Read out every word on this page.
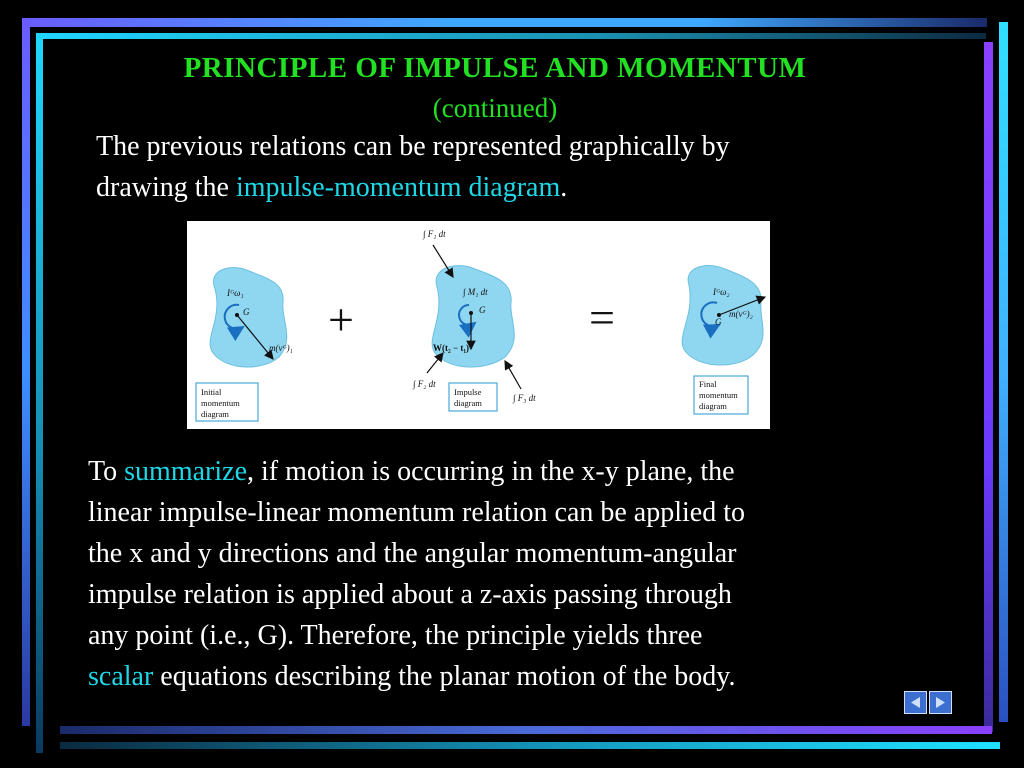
PRINCIPLE OF IMPULSE AND MOMENTUM
(continued)
The previous relations can be represented graphically by
drawing the impulse-momentum diagram.
Iᴳω₁
G
m(vᴳ)₁
Initial
momentum
diagram
+
∫ F₁ dt
∫ M₁ dt
G
W(t₂ − t₁)
∫ F₂ dt
∫ F₃ dt
Impulse
diagram
=	Iᴳω₂
G
m(vᴳ)₂
Final
momentum
diagram
To summarize, if motion is occurring in the x-y plane, the
linear impulse-linear momentum relation can be applied to
the x and y directions and the angular momentum-angular
impulse relation is applied about a z-axis passing through
any point (i.e., G). Therefore, the principle yields three
scalar equations describing the planar motion of the body.
